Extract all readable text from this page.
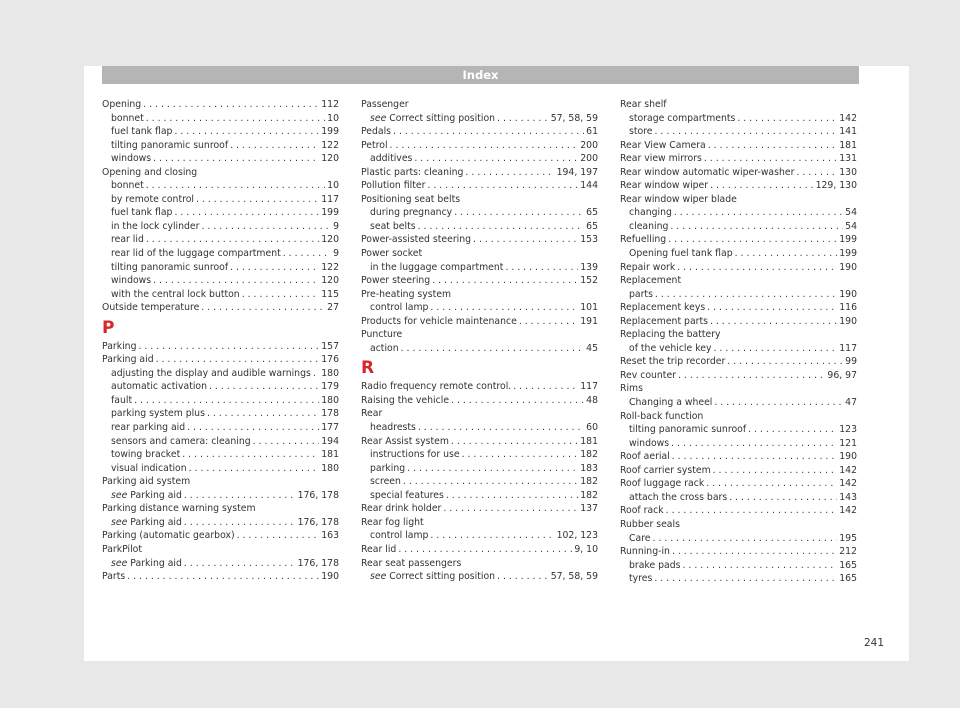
Index
Opening . . .	112
bonnet . . .	10
fuel tank flap . . .	199
tilting panoramic sunroof . . .	122
windows . . .	120
Opening and closing
bonnet . . .	10
by remote control . . .	117
fuel tank flap . . .	199
in the lock cylinder . . .	9
rear lid . . .	120
rear lid of the luggage compartment . . .	9
tilting panoramic sunroof . . .	122
windows . . .	120
with the central lock button . . .	115
Outside temperature . . .	27
P
Parking . . .	157
Parking aid . . .	176
adjusting the display and audible warnings . . . 180
automatic activation . . .	179
fault . . .	180
parking system plus . . .	178
rear parking aid . . .	177
sensors and camera: cleaning . . .	194
towing bracket . . .	181
visual indication . . .	180
Parking aid system
see Parking aid . . .	176, 178
Parking distance warning system
see Parking aid . . .	176, 178
Parking (automatic gearbox) . . .	163
ParkPilot
see Parking aid . . .	176, 178
Parts . . .	190
Passenger
see Correct sitting position . . .	57, 58, 59
Pedals . . .	61
Petrol . . .	200
additives . . .	200
Plastic parts: cleaning . . .	194, 197
Pollution filter . . .	144
Positioning seat belts
during pregnancy . . .	65
seat belts . . .	65
Power-assisted steering . . .	153
Power socket
in the luggage compartment . . .	139
Power steering . . .	152
Pre-heating system
control lamp . . .	101
Products for vehicle maintenance . . .	191
Puncture
action . . .	45
R
Radio frequency remote control. . . .	117
Raising the vehicle . . .	48
Rear
headrests . . .	60
Rear Assist system . . .	181
instructions for use . . .	182
parking . . .	183
screen . . .	182
special features . . .	182
Rear drink holder . . .	137
Rear fog light
control lamp . . .	102, 123
Rear lid . . .	9, 10
Rear seat passengers
see Correct sitting position . . .	57, 58, 59
Rear shelf
storage compartments . . .	142
store . . .	141
Rear View Camera . . .	181
Rear view mirrors . . .	131
Rear window automatic wiper-washer . . .	130
Rear window wiper . . .	129, 130
Rear window wiper blade
changing . . .	54
cleaning . . .	54
Refuelling . . .	199
Opening fuel tank flap . . .	199
Repair work . . .	190
Replacement
parts . . .	190
Replacement keys . . .	116
Replacement parts . . .	190
Replacing the battery
of the vehicle key . . .	117
Reset the trip recorder . . .	99
Rev counter . . .	96, 97
Rims
Changing a wheel . . .	47
Roll-back function
tilting panoramic sunroof . . .	123
windows . . .	121
Roof aerial . . .	190
Roof carrier system . . .	142
Roof luggage rack . . .	142
attach the cross bars . . .	143
Roof rack . . .	142
Rubber seals
Care . . .	195
Running-in . . .	212
brake pads . . .	165
tyres . . .	165
241
